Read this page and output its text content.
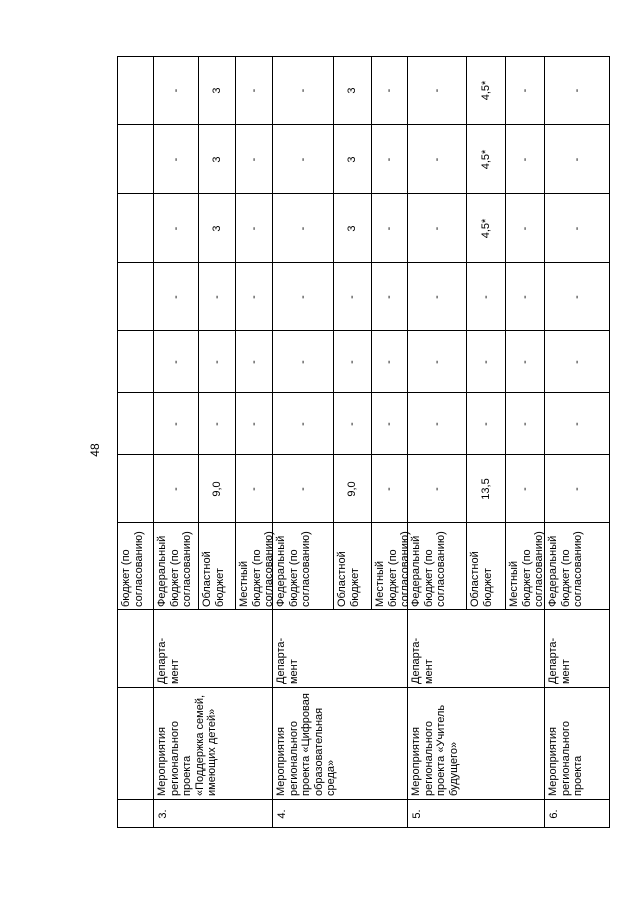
48
бюджет (по согласованию)
3.
Мероприятия регионального проекта «Поддержка семей, имеющих детей»
Департа-мент
Федеральный бюджет (по согласованию)
-
-
-
-
-
-
-
Областной бюджет
9,0
-
-
-
3
3
3
Местный бюджет (по согласованию)
-
-
-
-
-
-
-
4.
Мероприятия регионального проекта «Цифровая образовательная среда»
Департа-мент
Федеральный бюджет (по согласованию)
-
-
-
-
-
-
-
Областной бюджет
9,0
-
-
-
3
3
3
Местный бюджет (по согласованию)
-
-
-
-
-
-
-
5.
Мероприятия регионального проекта «Учитель будущего»
Департа-мент
Федеральный бюджет (по согласованию)
-
-
-
-
-
-
-
Областной бюджет
13,5
-
-
-
4,5*
4,5*
4,5*
Местный бюджет (по согласованию)
-
-
-
-
-
-
-
6.
Мероприятия регионального проекта
Департа-мент
Федеральный бюджет (по согласованию)
-
-
-
-
-
-
-
